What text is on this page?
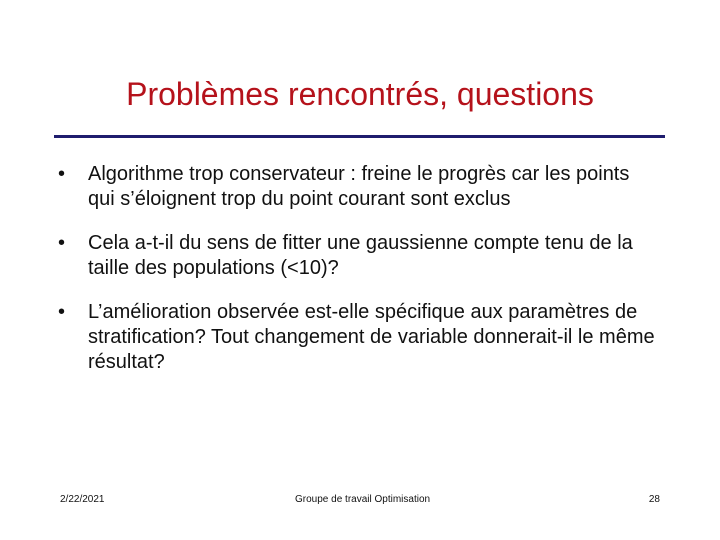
Problèmes rencontrés, questions
• Algorithme trop conservateur : freine le progrès car les points qui s’éloignent trop du point courant sont exclus
• Cela a-t-il du sens de fitter une gaussienne compte tenu de la taille des populations (<10)?
• L’amélioration observée est-elle spécifique aux paramètres de stratification? Tout changement de variable donnerait-il le même résultat?
2/22/2021	Groupe de travail Optimisation	28
